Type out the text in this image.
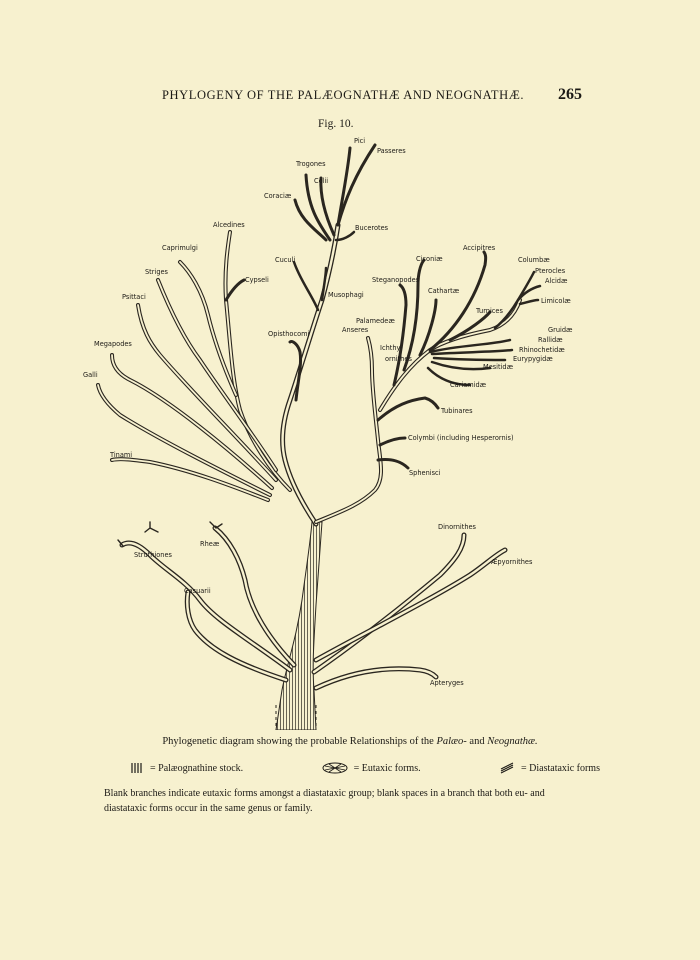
PHYLOGENY OF THE PALÆOGNATHÆ AND NEOGNATHÆ. 265
Fig. 10.
Pici
Passeres
Trogones
Colii
Coraciæ
Bucerotes
Alcedines
Caprimulgi
Cypseli
Cuculi
Striges
Psittaci	Musophagi
Megapodes
Opisthocomi
Galli
Tinami
Ciconiæ
Accipitres
Columbæ
Pterocles
Alcidæ
Steganopodes
Cathartæ
Limicolæ
Palamedeæ
Anseres
Turnices
Gruidæ
Rallidæ
Rhinochetidæ
Eurypygidæ
Ichthy-
ornithes
Mesitidæ
Cariamidæ
Tubinares
Colymbi (including Hesperornis)
Sphenisci
Dinornithes
Æpyornithes
Struthiones
Rheæ
Casuarii
Apteryges
Phylogenetic diagram showing the probable Relationships of the Palæo- and Neognathæ.
= Palæognathine stock.	= Eutaxic forms.	= Diastataxic forms
Blank branches indicate eutaxic forms amongst a diastataxic group; blank spaces in a branch that both eu- and diastataxic forms occur in the same genus or family.
